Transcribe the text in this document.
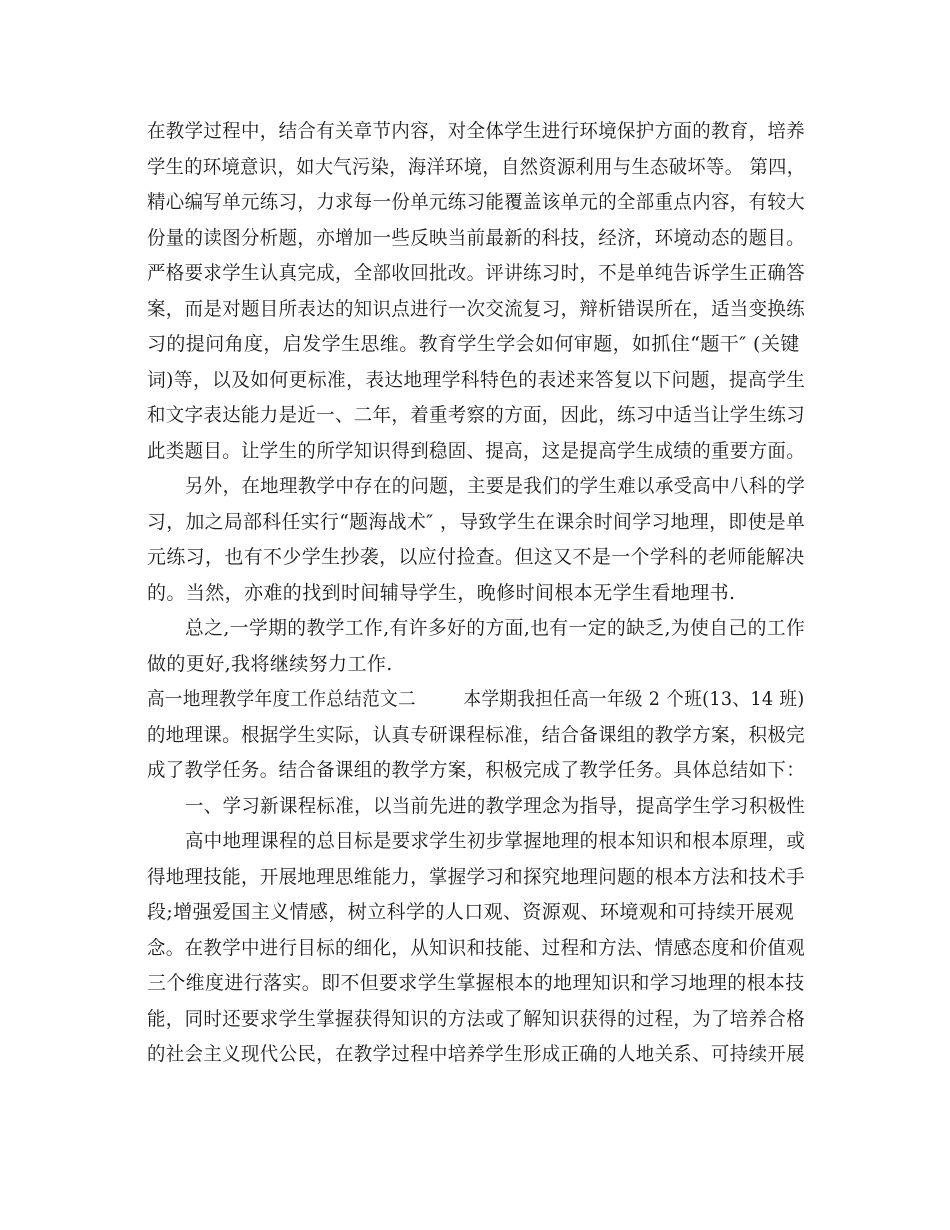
在教学过程中，结合有关章节内容，对全体学生进行环境保护方面的教育，培养
学生的环境意识，如大气污染，海洋环境，自然资源利用与生态破坏等。 第四，
精心编写单元练习，力求每一份单元练习能覆盖该单元的全部重点内容，有较大
份量的读图分析题，亦增加一些反映当前最新的科技，经济，环境动态的题目。
严格要求学生认真完成，全部收回批改。评讲练习时，不是单纯告诉学生正确答
案，而是对题目所表达的知识点进行一次交流复习，辩析错误所在，适当变换练
习的提问角度，启发学生思维。教育学生学会如何审题，如抓住“题干″ (关键
词)等，以及如何更标准，表达地理学科特色的表述来答复以下问题，提高学生
和文字表达能力是近一、二年，着重考察的方面，因此，练习中适当让学生练习
此类题目。让学生的所学知识得到稳固、提高，这是提高学生成绩的重要方面。
另外，在地理教学中存在的问题，主要是我们的学生难以承受高中八科的学
习，加之局部科任实行“题海战术″ ，导致学生在课余时间学习地理，即使是单
元练习，也有不少学生抄袭，以应付捡查。但这又不是一个学科的老师能解决
的。当然，亦难的找到时间辅导学生，晚修时间根本无学生看地理书.
总之,一学期的教学工作,有许多好的方面,也有一定的缺乏,为使自己的工作
做的更好,我将继续努力工作.
高一地理教学年度工作总结范文二        本学期我担任高一年级 2 个班(13、14 班)
的地理课。根据学生实际，认真专研课程标准，结合备课组的教学方案，积极完
成了教学任务。结合备课组的教学方案，积极完成了教学任务。具体总结如下：
一、学习新课程标准，以当前先进的教学理念为指导，提高学生学习积极性
高中地理课程的总目标是要求学生初步掌握地理的根本知识和根本原理，或
得地理技能，开展地理思维能力，掌握学习和探究地理问题的根本方法和技术手
段;增强爱国主义情感，树立科学的人口观、资源观、环境观和可持续开展观
念。在教学中进行目标的细化，从知识和技能、过程和方法、情感态度和价值观
三个维度进行落实。即不但要求学生掌握根本的地理知识和学习地理的根本技
能，同时还要求学生掌握获得知识的方法或了解知识获得的过程，为了培养合格
的社会主义现代公民，在教学过程中培养学生形成正确的人地关系、可持续开展
